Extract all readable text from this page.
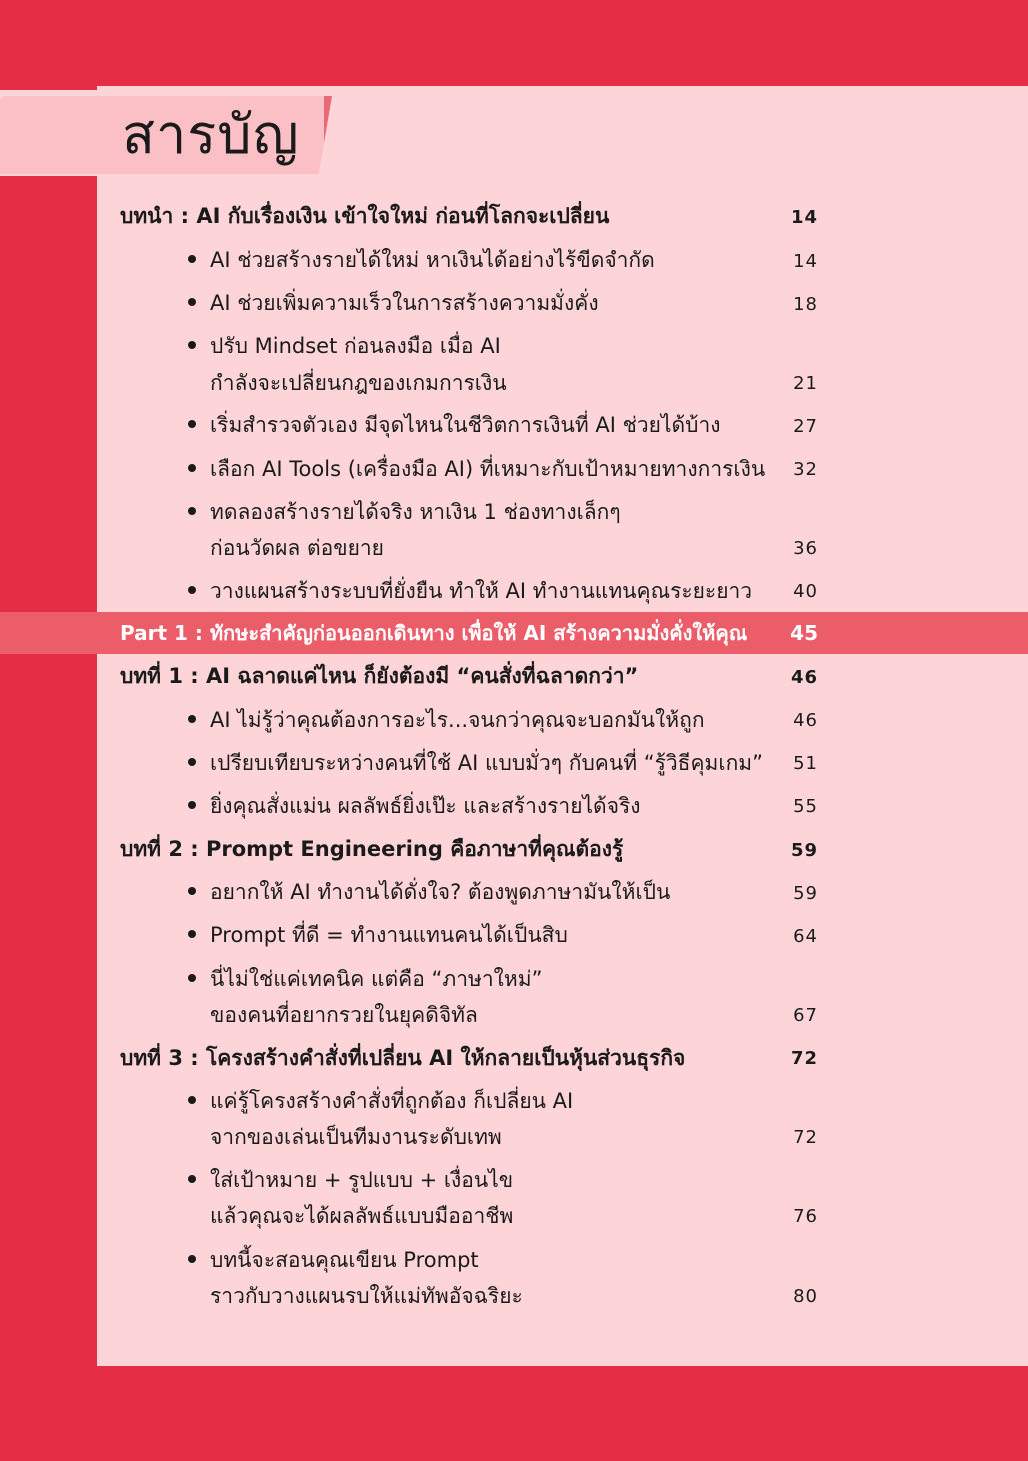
สารบัญ
บทนำ : AI กับเรื่องเงิน เข้าใจใหม่ ก่อนที่โลกจะเปลี่ยน	14
AI ช่วยสร้างรายได้ใหม่ หาเงินได้อย่างไร้ขีดจำกัด	14
AI ช่วยเพิ่มความเร็วในการสร้างความมั่งคั่ง	18
ปรับ Mindset ก่อนลงมือ เมื่อ AI
กำลังจะเปลี่ยนกฎของเกมการเงิน	21
เริ่มสำรวจตัวเอง มีจุดไหนในชีวิตการเงินที่ AI ช่วยได้บ้าง	27
เลือก AI Tools (เครื่องมือ AI) ที่เหมาะกับเป้าหมายทางการเงิน	32
ทดลองสร้างรายได้จริง หาเงิน 1 ช่องทางเล็กๆ
ก่อนวัดผล ต่อขยาย	36
วางแผนสร้างระบบที่ยั่งยืน ทำให้ AI ทำงานแทนคุณระยะยาว	40
Part 1 : ทักษะสำคัญก่อนออกเดินทาง เพื่อให้ AI สร้างความมั่งคั่งให้คุณ	45
บทที่ 1 : AI ฉลาดแค่ไหน ก็ยังต้องมี “คนสั่งที่ฉลาดกว่า”	46
AI ไม่รู้ว่าคุณต้องการอะไร...จนกว่าคุณจะบอกมันให้ถูก	46
เปรียบเทียบระหว่างคนที่ใช้ AI แบบมั่วๆ กับคนที่ “รู้วิธีคุมเกม”	51
ยิ่งคุณสั่งแม่น ผลลัพธ์ยิ่งเป๊ะ และสร้างรายได้จริง	55
บทที่ 2 : Prompt Engineering คือภาษาที่คุณต้องรู้	59
อยากให้ AI ทำงานได้ดั่งใจ? ต้องพูดภาษามันให้เป็น	59
Prompt ที่ดี = ทำงานแทนคนได้เป็นสิบ	64
นี่ไม่ใช่แค่เทคนิค แต่คือ “ภาษาใหม่”
ของคนที่อยากรวยในยุคดิจิทัล	67
บทที่ 3 : โครงสร้างคำสั่งที่เปลี่ยน AI ให้กลายเป็นหุ้นส่วนธุรกิจ	72
แค่รู้โครงสร้างคำสั่งที่ถูกต้อง ก็เปลี่ยน AI
จากของเล่นเป็นทีมงานระดับเทพ	72
ใส่เป้าหมาย + รูปแบบ + เงื่อนไข
แล้วคุณจะได้ผลลัพธ์แบบมืออาชีพ	76
บทนี้จะสอนคุณเขียน Prompt
ราวกับวางแผนรบให้แม่ทัพอัจฉริยะ	80
